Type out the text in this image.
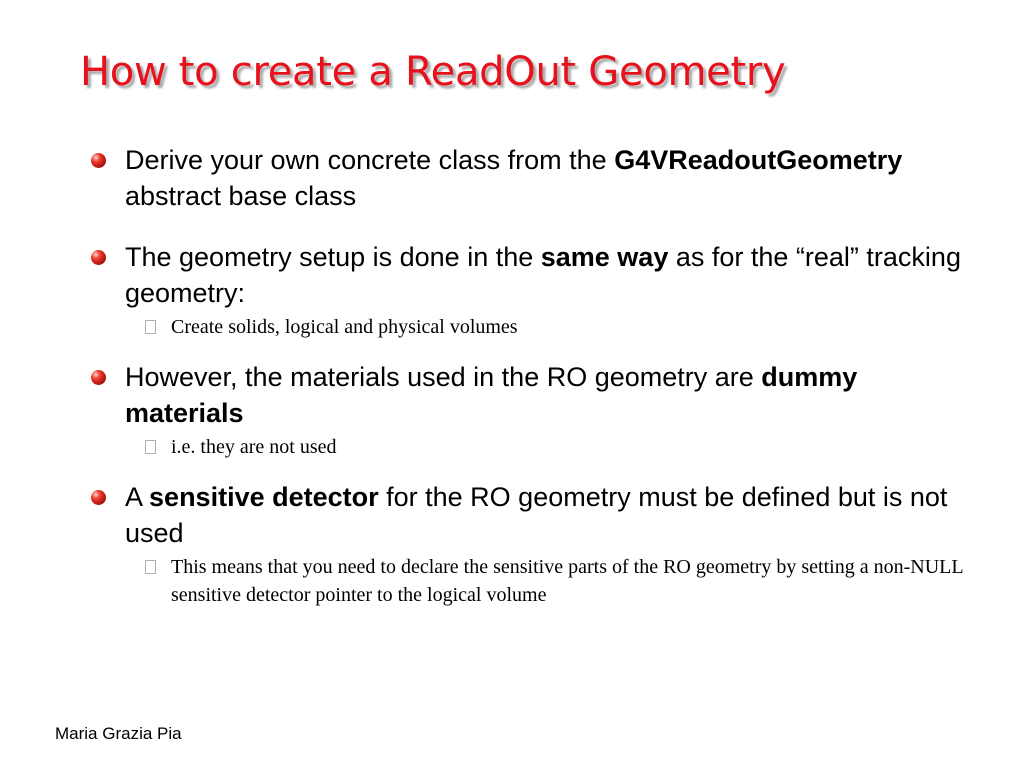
How to create a ReadOut Geometry
Derive your own concrete class from the G4VReadoutGeometry abstract base class
The geometry setup is done in the same way as for the “real” tracking geometry:
Create solids, logical and physical volumes
However, the materials used in the RO geometry are dummy materials
i.e. they are not used
A sensitive detector for the RO geometry must be defined but is not used
This means that you need to declare the sensitive parts of the RO geometry by setting a non-NULL sensitive detector pointer to the logical volume
Maria Grazia Pia
